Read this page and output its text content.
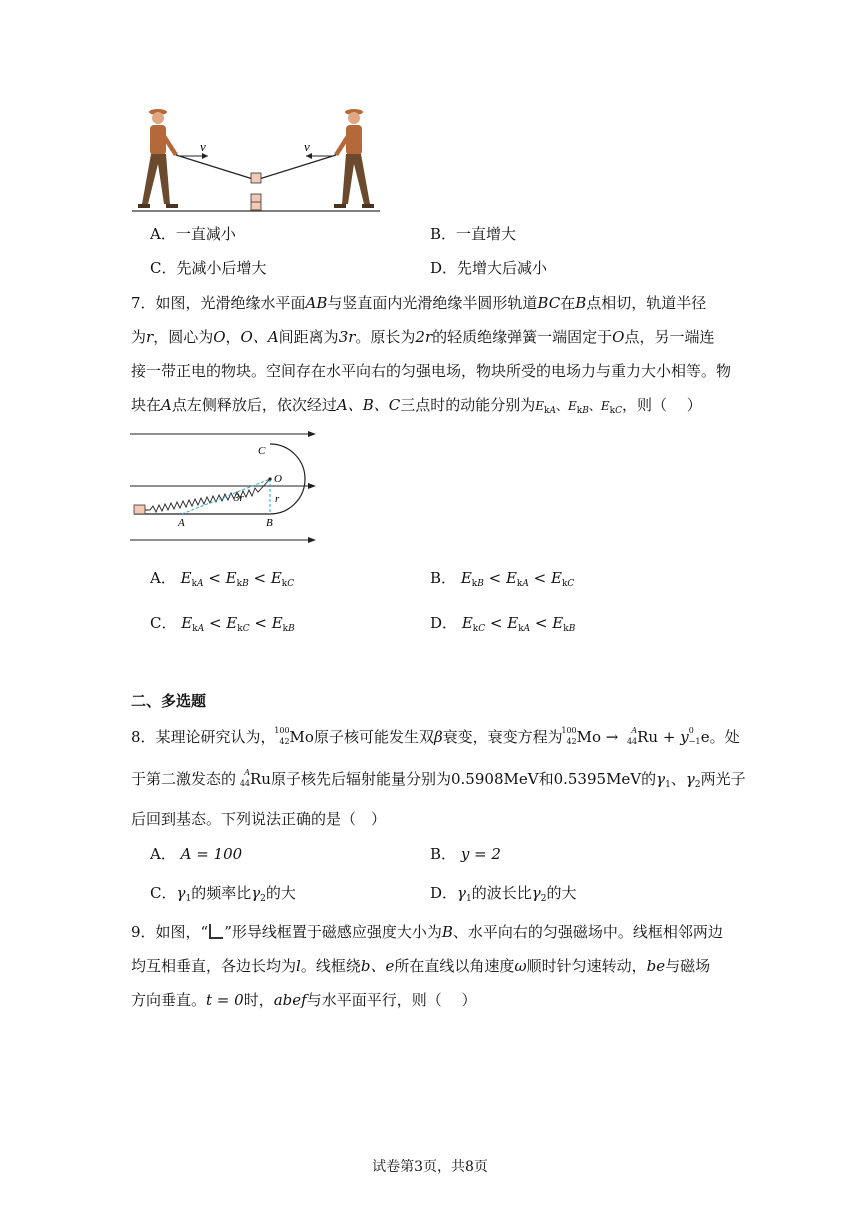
v	v
A．一直减小	B．一直增大
C．先减小后增大	D．先增大后减小
7．如图，光滑绝缘水平面AB与竖直面内光滑绝缘半圆形轨道BC在B点相切，轨道半径
为r，圆心为O，O、A间距离为3r。原长为2r的轻质绝缘弹簧一端固定于O点，另一端连
接一带正电的物块。空间存在水平向右的匀强电场，物块所受的电场力与重力大小相等。物
块在A点左侧释放后，依次经过A、B、C三点时的动能分别为$E_{kA}$、$E_{kB}$、$E_{kC}$，则（　 ）
C
O
r
3r
A	B
A． $E_{kA} < E_{kB} < E_{kC}$	B． $E_{kB} < E_{kA} < E_{kC}$
C． $E_{kA} < E_{kC} < E_{kB}$	D． $E_{kC} < E_{kA} < E_{kB}$
二、多选题
8．某理论研究认为，
100
42 Mo原子核可能发生双β衰变，衰变方程为
100
42 Mo → A
44 Ru + y 0
−1 e。处
于第二激发态的 A
44 Ru原子核先后辐射能量分别为0.5908MeV和0.5395MeV的$\gamma_1$、$\gamma_2$两光子
后回到基态。下列说法正确的是（　）
A． A = 100	B． y = 2
C．$\gamma_1$的频率比$\gamma_2$的大	D．$\gamma_1$的波长比$\gamma_2$的大
9．如图，“ ”形导线框置于磁感应强度大小为B、水平向右的匀强磁场中。线框相邻两边
均互相垂直，各边长均为l。线框绕b、e所在直线以角速度ω顺时针匀速转动，be与磁场
方向垂直。t = 0时，abef与水平面平行，则（　 ）
试卷第3页，共8页
